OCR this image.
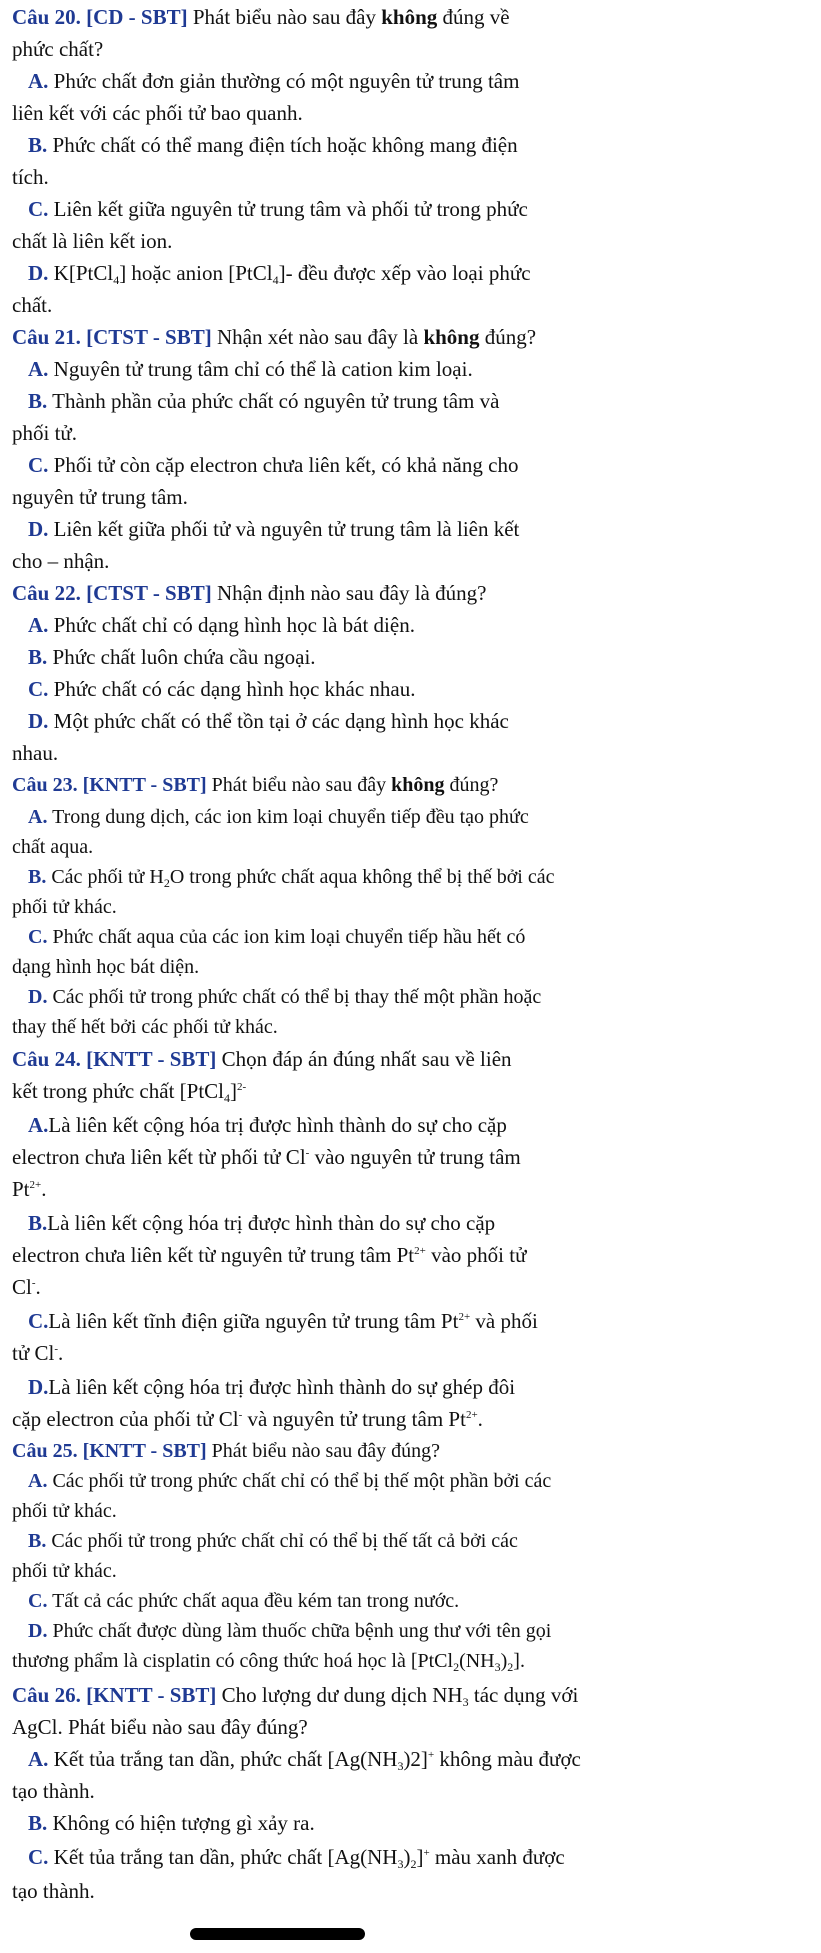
Câu 20. [CD - SBT] Phát biểu nào sau đây không đúng về
phức chất?
A. Phức chất đơn giản thường có một nguyên tử trung tâm
liên kết với các phối tử bao quanh.
B. Phức chất có thể mang điện tích hoặc không mang điện
tích.
C. Liên kết giữa nguyên tử trung tâm và phối tử trong phức
chất là liên kết ion.
D. K[PtCl$_4$] hoặc anion [PtCl$_4$]- đều được xếp vào loại phức
chất.
Câu 21. [CTST - SBT] Nhận xét nào sau đây là không đúng?
A. Nguyên tử trung tâm chỉ có thể là cation kim loại.
B. Thành phần của phức chất có nguyên tử trung tâm và
phối tử.
C. Phối tử còn cặp electron chưa liên kết, có khả năng cho
nguyên tử trung tâm.
D. Liên kết giữa phối tử và nguyên tử trung tâm là liên kết
cho – nhận.
Câu 22. [CTST - SBT] Nhận định nào sau đây là đúng?
A. Phức chất chỉ có dạng hình học là bát diện.
B. Phức chất luôn chứa cầu ngoại.
C. Phức chất có các dạng hình học khác nhau.
D. Một phức chất có thể tồn tại ở các dạng hình học khác
nhau.
Câu 23. [KNTT - SBT] Phát biểu nào sau đây không đúng?
A. Trong dung dịch, các ion kim loại chuyển tiếp đều tạo phức
chất aqua.
B. Các phối tử $H_2O$ trong phức chất aqua không thể bị thế bởi các
phối tử khác.
C. Phức chất aqua của các ion kim loại chuyển tiếp hầu hết có
dạng hình học bát diện.
D. Các phối tử trong phức chất có thể bị thay thế một phần hoặc
thay thế hết bởi các phối tử khác.
Câu 24. [KNTT - SBT] Chọn đáp án đúng nhất sau về liên
kết trong phức chất [PtCl$_4$]$^{2-}$
A.Là liên kết cộng hóa trị được hình thành do sự cho cặp
electron chưa liên kết từ phối tử Cl- vào nguyên tử trung tâm
$Pt^{2+}$.
B.Là liên kết cộng hóa trị được hình thàn do sự cho cặp
electron chưa liên kết từ nguyên tử trung tâm $Pt^{2+}$ vào phối tử
Cl-.
C.Là liên kết tĩnh điện giữa nguyên tử trung tâm $Pt^{2+}$ và phối
tử Cl-.
D.Là liên kết cộng hóa trị được hình thành do sự ghép đôi
cặp electron của phối tử Cl- và nguyên tử trung tâm $Pt^{2+}$.
Câu 25. [KNTT - SBT] Phát biểu nào sau đây đúng?
A. Các phối tử trong phức chất chỉ có thể bị thế một phần bởi các
phối tử khác.
B. Các phối tử trong phức chất chỉ có thể bị thế tất cả bởi các
phối tử khác.
C. Tất cả các phức chất aqua đều kém tan trong nước.
D. Phức chất được dùng làm thuốc chữa bệnh ung thư với tên gọi
thương phẩm là cisplatin có công thức hoá học là $[PtCl_2(NH_3)_2]$.
Câu 26. [KNTT - SBT] Cho lượng dư dung dịch $NH_3$ tác dụng với
AgCl. Phát biểu nào sau đây đúng?
A. Kết tủa trắng tan dần, phức chất $[Ag(NH_3)2]^+$ không màu được
tạo thành.
B. Không có hiện tượng gì xảy ra.
C. Kết tủa trắng tan dần, phức chất $[Ag(NH_3)_2]^+$ màu xanh được
tạo thành.
